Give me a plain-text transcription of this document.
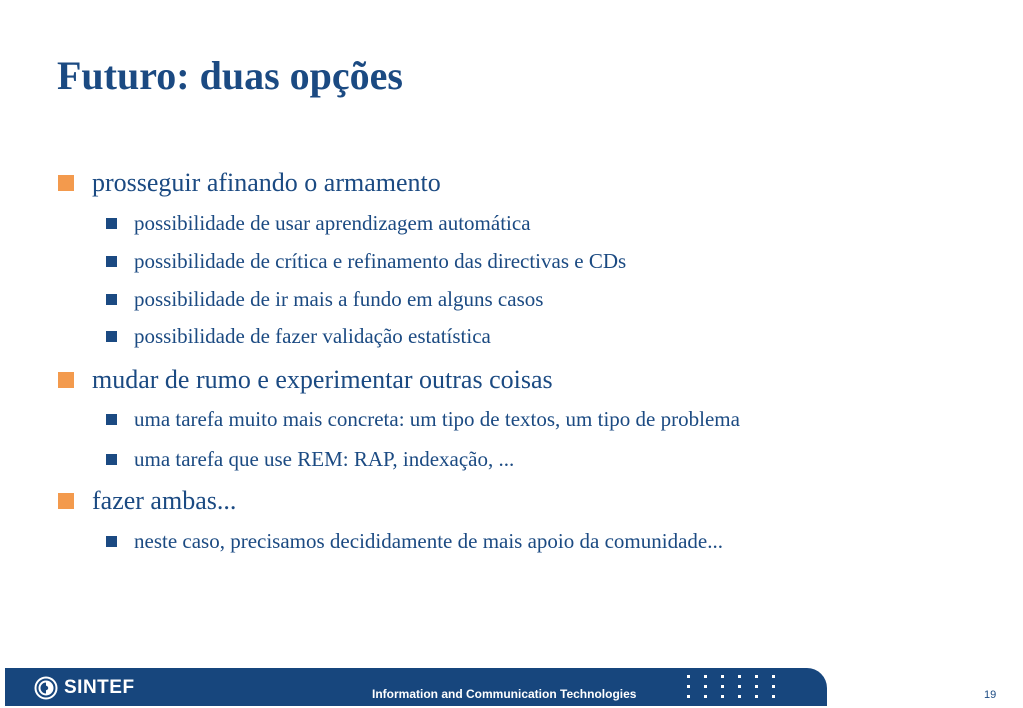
Futuro: duas opções
prosseguir afinando o armamento
possibilidade de usar aprendizagem automática
possibilidade de crítica e refinamento das directivas e CDs
possibilidade de ir mais a fundo em alguns casos
possibilidade de fazer validação estatística
mudar de rumo e experimentar outras coisas
uma tarefa muito mais concreta: um tipo de textos, um tipo de problema
uma tarefa que use REM: RAP, indexação, ...
fazer ambas...
neste caso, precisamos decididamente de mais apoio da comunidade...
SINTEF	Information and Communication Technologies	19
